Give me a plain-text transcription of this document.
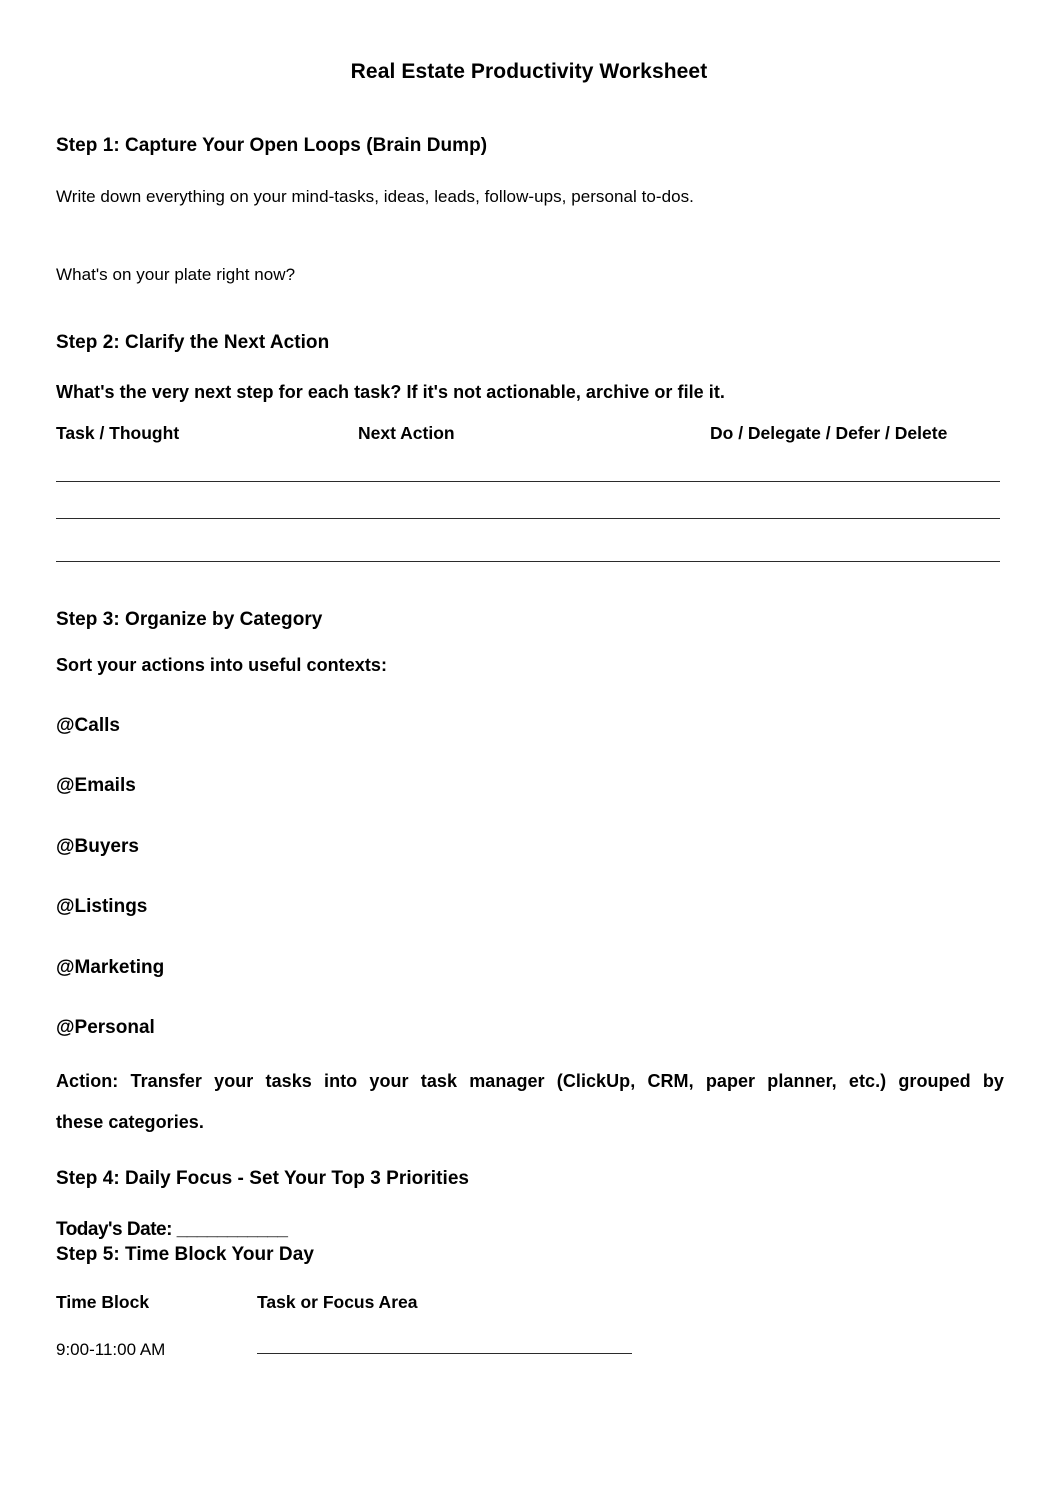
Real Estate Productivity Worksheet
Step 1: Capture Your Open Loops (Brain Dump)
Write down everything on your mind-tasks, ideas, leads, follow-ups, personal to-dos.
What's on your plate right now?
Step 2: Clarify the Next Action
What's the very next step for each task? If it's not actionable, archive or file it.
Task / Thought	Next Action	Do / Delegate / Defer / Delete
Step 3: Organize by Category
Sort your actions into useful contexts:
@Calls
@Emails
@Buyers
@Listings
@Marketing
@Personal
Action: Transfer your tasks into your task manager (ClickUp, CRM, paper planner, etc.) grouped by
these categories.
Step 4: Daily Focus - Set Your Top 3 Priorities
Today's Date: ___________
Step 5: Time Block Your Day
Time Block	Task or Focus Area
9:00-11:00 AM
